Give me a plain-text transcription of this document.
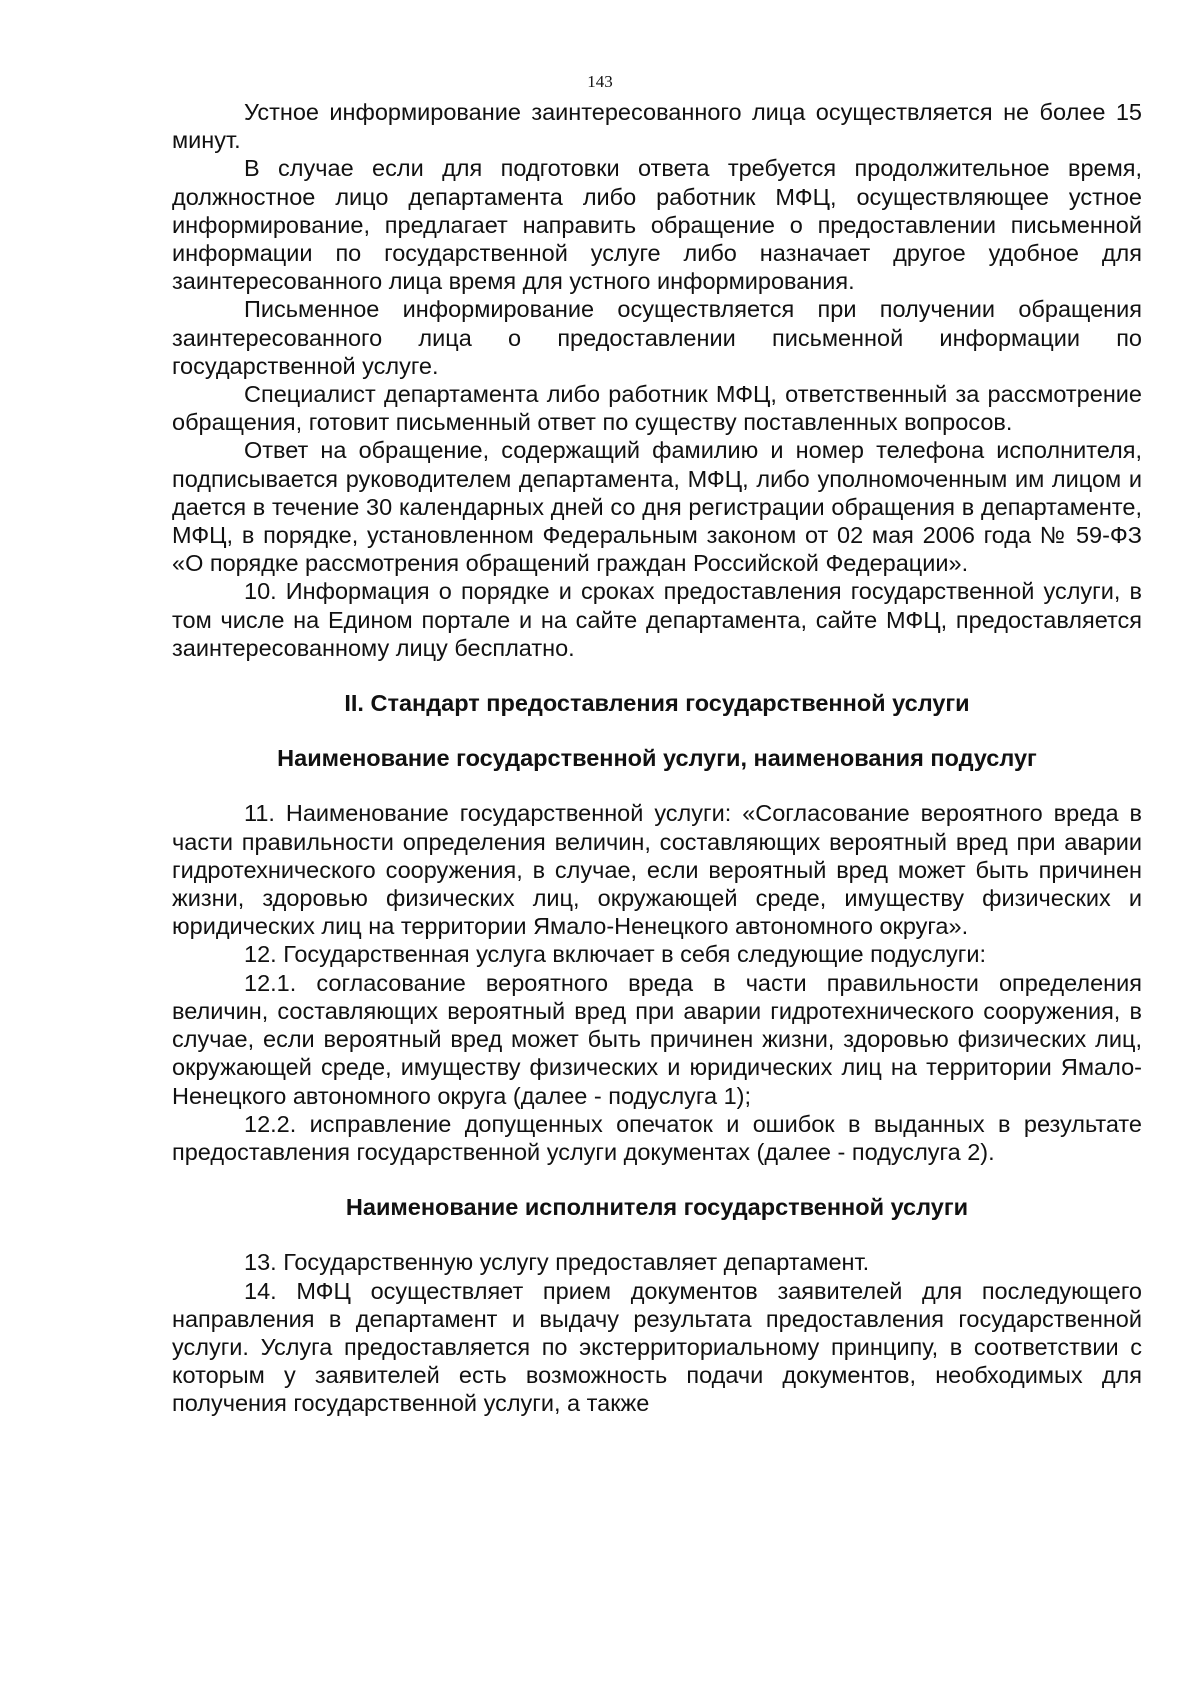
143

Устное информирование заинтересованного лица осуществляется не более 15 минут.

В случае если для подготовки ответа требуется продолжительное время, должностное лицо департамента либо работник МФЦ, осуществляющее устное информирование, предлагает направить обращение о предоставлении письменной информации по государственной услуге либо назначает другое удобное для заинтересованного лица время для устного информирования.

Письменное информирование осуществляется при получении обращения заинтересованного лица о предоставлении письменной информации по государственной услуге.

Специалист департамента либо работник МФЦ, ответственный за рассмотрение обращения, готовит письменный ответ по существу поставленных вопросов.

Ответ на обращение, содержащий фамилию и номер телефона исполнителя, подписывается руководителем департамента, МФЦ, либо уполномоченным им лицом и дается в течение 30 календарных дней со дня регистрации обращения в департаменте, МФЦ, в порядке, установленном Федеральным законом от 02 мая 2006 года № 59-ФЗ «О порядке рассмотрения обращений граждан Российской Федерации».

10. Информация о порядке и сроках предоставления государственной услуги, в том числе на Едином портале и на сайте департамента, сайте МФЦ, предоставляется заинтересованному лицу бесплатно.

II. Стандарт предоставления государственной услуги
Наименование государственной услуги, наименования подуслуг

11. Наименование государственной услуги: «Согласование вероятного вреда в части правильности определения величин, составляющих вероятный вред при аварии гидротехнического сооружения, в случае, если вероятный вред может быть причинен жизни, здоровью физических лиц, окружающей среде, имуществу физических и юридических лиц на территории Ямало-Ненецкого автономного округа».

12. Государственная услуга включает в себя следующие подуслуги:

12.1. согласование вероятного вреда в части правильности определения величин, составляющих вероятный вред при аварии гидротехнического сооружения, в случае, если вероятный вред может быть причинен жизни, здоровью физических лиц, окружающей среде, имуществу физических и юридических лиц на территории Ямало-Ненецкого автономного округа (далее - подуслуга 1);

12.2. исправление допущенных опечаток и ошибок в выданных в результате предоставления государственной услуги документах (далее - подуслуга 2).

Наименование исполнителя государственной услуги

13. Государственную услугу предоставляет департамент.

14. МФЦ осуществляет прием документов заявителей для последующего направления в департамент и выдачу результата предоставления государственной услуги. Услуга предоставляется по экстерриториальному принципу, в соответствии с которым у заявителей есть возможность подачи документов, необходимых для получения государственной услуги, а также
